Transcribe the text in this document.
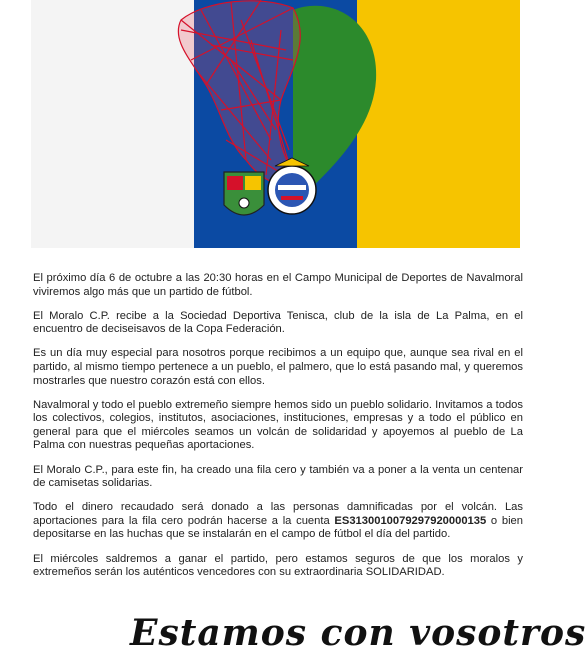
El próximo día 6 de octubre a las 20:30 horas en el Campo Municipal de Deportes de Navalmoral viviremos algo más que un partido de fútbol.

El Moralo C.P. recibe a la Sociedad Deportiva Tenisca, club de la isla de La Palma, en el encuentro de deciseisavos de la Copa Federación.

Es un día muy especial para nosotros porque recibimos a un equipo que, aunque sea rival en el partido, al mismo tiempo pertenece a un pueblo, el palmero, que lo está pasando mal, y queremos mostrarles que nuestro corazón está con ellos.

Navalmoral y todo el pueblo extremeño siempre hemos sido un pueblo solidario. Invitamos a todos los colectivos, colegios, institutos, asociaciones, instituciones, empresas y a todo el público en general para que el miércoles seamos un volcán de solidaridad y apoyemos al pueblo de La Palma con nuestras pequeñas aportaciones.

El Moralo C.P., para este fin, ha creado una fila cero y también va a poner a la venta un centenar de camisetas solidarias.

Todo el dinero recaudado será donado a las personas damnificadas por el volcán. Las aportaciones para la fila cero podrán hacerse a la cuenta ES3130010079297920000135 o bien depositarse en las huchas que se instalarán en el campo de fútbol el día del partido.

El miércoles saldremos a ganar el partido, pero estamos seguros de que los moralos y extremeños serán los auténticos vencedores con su extraordinaria SOLIDARIDAD.

Estamos con vosotros
